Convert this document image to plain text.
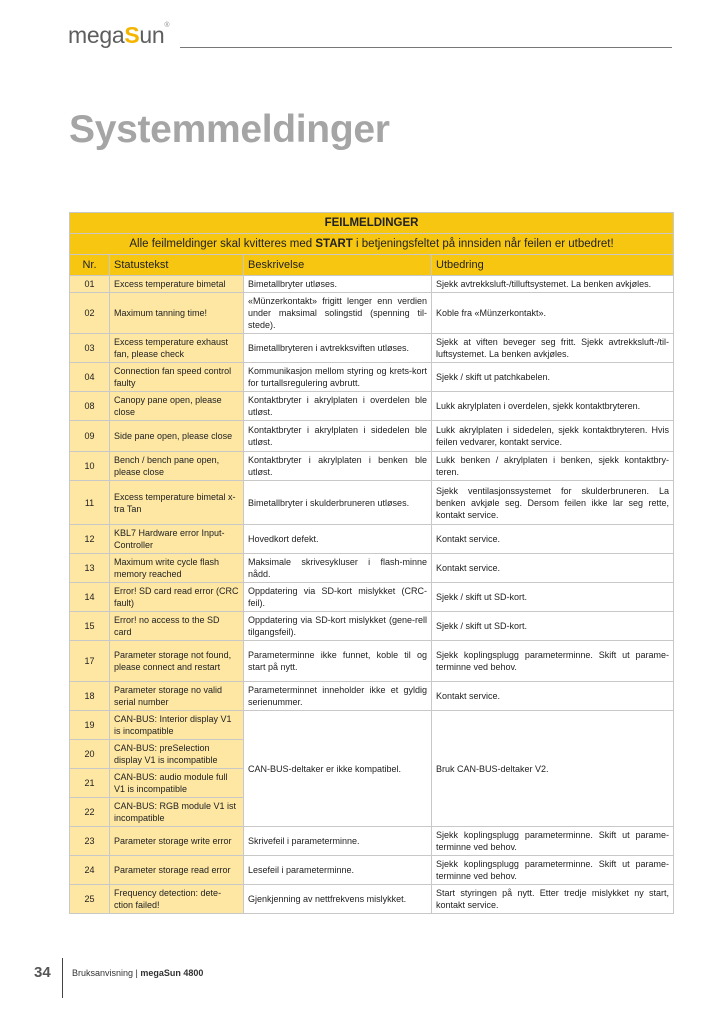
megaSun®
Systemmeldinger
FEILMELDINGER			
Alle feilmeldinger skal kvitteres med START i betjeningsfeltet på innsiden når feilen er utbedret!			
Nr.	Statustekst	Beskrivelse	Utbedring
01	Excess temperature bimetal	Bimetallbryter utløses.	Sjekk avtrekksluft-/tilluftsystemet. La benken avkjøles.
02	Maximum tanning time!	«Münzerkontakt» frigitt lenger enn verdien under maksimal solingstid (spenning til-stede).	Koble fra «Münzerkontakt».
03	Excess temperature exhaust fan, please check	Bimetallbryteren i avtrekksviften utløses.	Sjekk at viften beveger seg fritt. Sjekk avtrekksluft-/til-luftsystemet. La benken avkjøles.
04	Connection fan speed control faulty	Kommunikasjon mellom styring og krets-kort for turtallsregulering avbrutt.	Sjekk / skift ut patchkabelen.
08	Canopy pane open, please close	Kontaktbryter i akrylplaten i overdelen ble utløst.	Lukk akrylplaten i overdelen, sjekk kontaktbryteren.
09	Side pane open, please close	Kontaktbryter i akrylplaten i sidedelen ble utløst.	Lukk akrylplaten i sidedelen, sjekk kontaktbryteren. Hvis feilen vedvarer, kontakt service.
10	Bench / bench pane open, please close	Kontaktbryter i akrylplaten i benken ble utløst.	Lukk benken / akrylplaten i benken, sjekk kontaktbry-teren.
11	Excess temperature bimetal x-tra Tan	Bimetallbryter i skulderbruneren utløses.	Sjekk ventilasjonssystemet for skulderbruneren. La benken avkjøle seg. Dersom feilen ikke lar seg rette, kontakt service.
12	KBL7 Hardware error Input-Controller	Hovedkort defekt.	Kontakt service.
13	Maximum write cycle flash memory reached	Maksimale skrivesykluser i flash-minne nådd.	Kontakt service.
14	Error! SD card read error (CRC fault)	Oppdatering via SD-kort mislykket (CRC-feil).	Sjekk / skift ut SD-kort.
15	Error! no access to the SD card	Oppdatering via SD-kort mislykket (gene-rell tilgangsfeil).	Sjekk / skift ut SD-kort.
17	Parameter storage not found, please connect and restart	Parameterminne ikke funnet, koble til og start på nytt.	Sjekk koplingsplugg parameterminne. Skift ut parame-terminne ved behov.
18	Parameter storage no valid serial number	Parameterminnet inneholder ikke et gyldig serienummer.	Kontakt service.
19	CAN-BUS: Interior display V1 is incompatible	CAN-BUS-deltaker er ikke kompatibel.	Bruk CAN-BUS-deltaker V2.
20	CAN-BUS: preSelection display V1 is incompatible		
21	CAN-BUS: audio module full V1 is incompatible		
22	CAN-BUS: RGB module V1 ist incompatible		
23	Parameter storage write error	Skrivefeil i parameterminne.	Sjekk koplingsplugg parameterminne. Skift ut parame-terminne ved behov.
24	Parameter storage read error	Lesefeil i parameterminne.	Sjekk koplingsplugg parameterminne. Skift ut parame-terminne ved behov.
25	Frequency detection: dete-ction failed!	Gjenkjenning av nettfrekvens mislykket.	Start styringen på nytt. Etter tredje mislykket ny start, kontakt service.
34 Bruksanvisning | megaSun 4800
